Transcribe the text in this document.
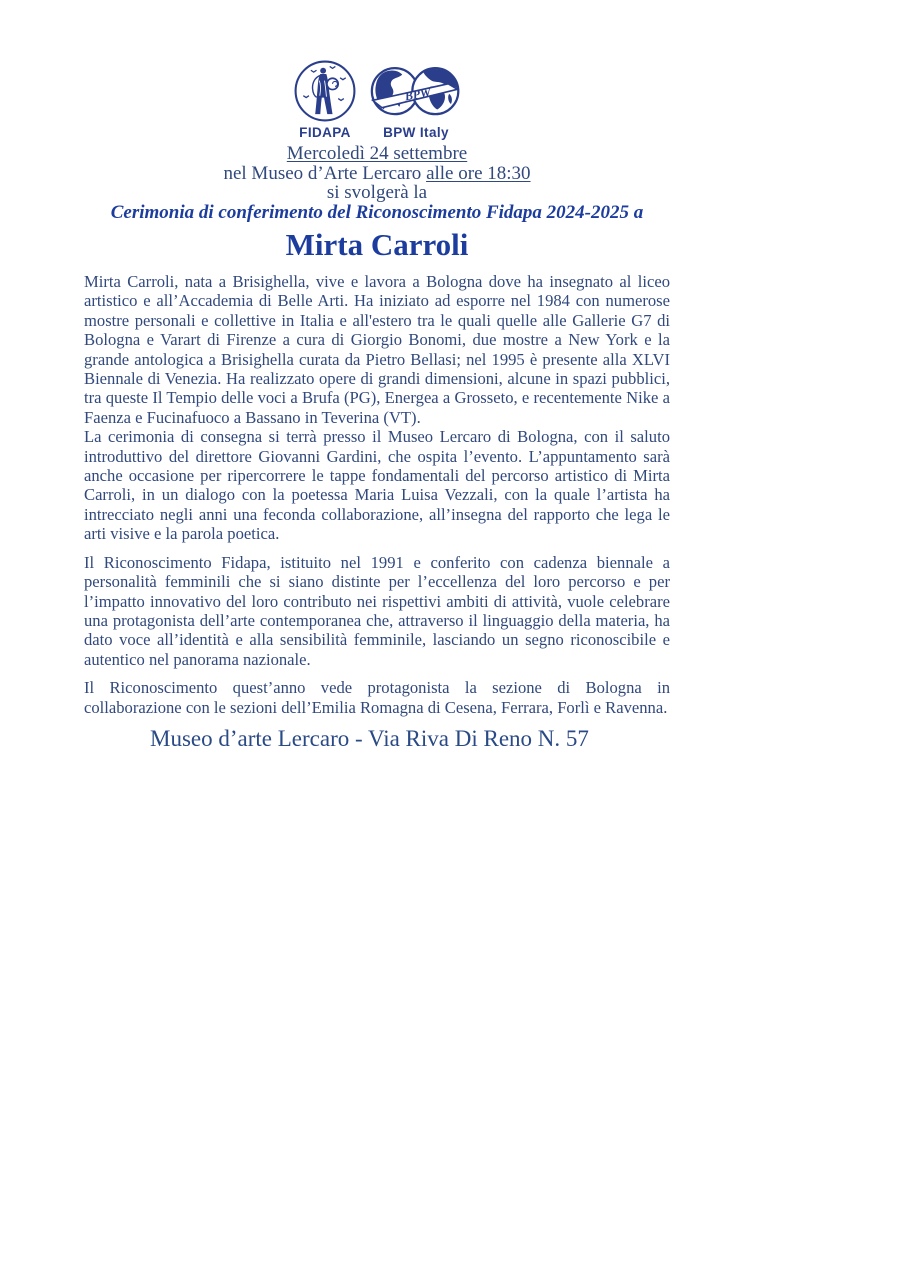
FIDAPA
BPW
BPW Italy
Mercoledì 24 settembre
nel Museo d’Arte Lercaro alle ore 18:30
si svolgerà la
Cerimonia di conferimento del Riconoscimento Fidapa 2024-2025 a
Mirta Carroli

Mirta Carroli, nata a Brisighella, vive e lavora a Bologna dove ha insegnato al liceo artistico e all’Accademia di Belle Arti. Ha iniziato ad esporre nel 1984 con numerose mostre personali e collettive in Italia e all'estero tra le quali quelle alle Gallerie G7 di Bologna e Varart di Firenze a cura di Giorgio Bonomi, due mostre a New York e la grande antologica a Brisighella curata da Pietro Bellasi; nel 1995 è presente alla XLVI Biennale di Venezia. Ha realizzato opere di grandi dimensioni, alcune in spazi pubblici, tra queste Il Tempio delle voci a Brufa (PG), Energea a Grosseto, e recentemente Nike a Faenza e Fucinafuoco a Bassano in Teverina (VT).

La cerimonia di consegna si terrà presso il Museo Lercaro di Bologna, con il saluto introduttivo del direttore Giovanni Gardini, che ospita l’evento. L’appuntamento sarà anche occasione per ripercorrere le tappe fondamentali del percorso artistico di Mirta Carroli, in un dialogo con la poetessa Maria Luisa Vezzali, con la quale l’artista ha intrecciato negli anni una feconda collaborazione, all’insegna del rapporto che lega le arti visive e la parola poetica.

Il Riconoscimento Fidapa, istituito nel 1991 e conferito con cadenza biennale a personalità femminili che si siano distinte per l’eccellenza del loro percorso e per l’impatto innovativo del loro contributo nei rispettivi ambiti di attività, vuole celebrare una protagonista dell’arte contemporanea che, attraverso il linguaggio della materia, ha dato voce all’identità e alla sensibilità femminile, lasciando un segno riconoscibile e autentico nel panorama nazionale.

Il Riconoscimento quest’anno vede protagonista la sezione di Bologna in collaborazione con le sezioni dell’Emilia Romagna di Cesena, Ferrara, Forlì e Ravenna.

Museo d’arte Lercaro - Via Riva Di Reno N. 57
